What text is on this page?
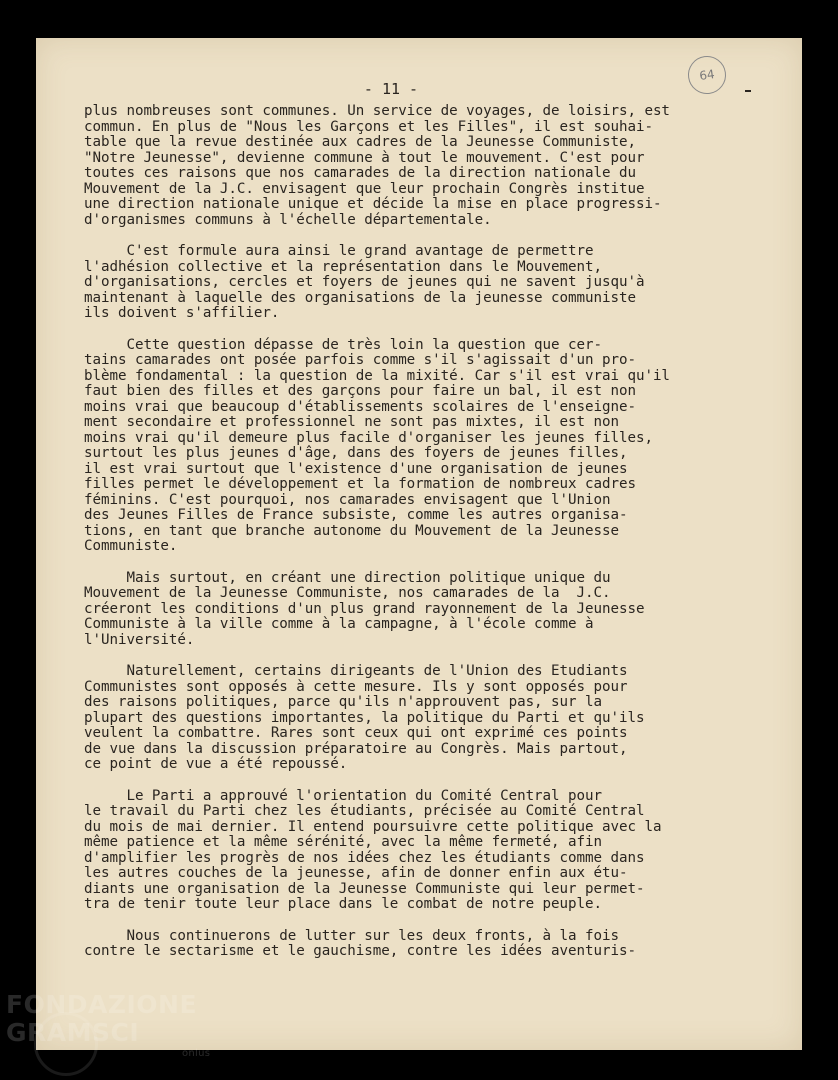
64
- 11 -
plus nombreuses sont communes. Un service de voyages, de loisirs, est
commun. En plus de "Nous les Garçons et les Filles", il est souhai-
table que la revue destinée aux cadres de la Jeunesse Communiste,
"Notre Jeunesse", devienne commune à tout le mouvement. C'est pour
toutes ces raisons que nos camarades de la direction nationale du
Mouvement de la J.C. envisagent que leur prochain Congrès institue
une direction nationale unique et décide la mise en place progressi-
d'organismes communs à l'échelle départementale.
C'est formule aura ainsi le grand avantage de permettre
l'adhésion collective et la représentation dans le Mouvement,
d'organisations, cercles et foyers de jeunes qui ne savent jusqu'à
maintenant à laquelle des organisations de la jeunesse communiste
ils doivent s'affilier.
Cette question dépasse de très loin la question que cer-
tains camarades ont posée parfois comme s'il s'agissait d'un pro-
blème fondamental : la question de la mixité. Car s'il est vrai qu'il
faut bien des filles et des garçons pour faire un bal, il est non
moins vrai que beaucoup d'établissements scolaires de l'enseigne-
ment secondaire et professionnel ne sont pas mixtes, il est non
moins vrai qu'il demeure plus facile d'organiser les jeunes filles,
surtout les plus jeunes d'âge, dans des foyers de jeunes filles,
il est vrai surtout que l'existence d'une organisation de jeunes
filles permet le développement et la formation de nombreux cadres
féminins. C'est pourquoi, nos camarades envisagent que l'Union
des Jeunes Filles de France subsiste, comme les autres organisa-
tions, en tant que branche autonome du Mouvement de la Jeunesse
Communiste.
Mais surtout, en créant une direction politique unique du
Mouvement de la Jeunesse Communiste, nos camarades de la  J.C.
créeront les conditions d'un plus grand rayonnement de la Jeunesse
Communiste à la ville comme à la campagne, à l'école comme à
l'Université.
Naturellement, certains dirigeants de l'Union des Etudiants
Communistes sont opposés à cette mesure. Ils y sont opposés pour
des raisons politiques, parce qu'ils n'approuvent pas, sur la
plupart des questions importantes, la politique du Parti et qu'ils
veulent la combattre. Rares sont ceux qui ont exprimé ces points
de vue dans la discussion préparatoire au Congrès. Mais partout,
ce point de vue a été repoussé.
Le Parti a approuvé l'orientation du Comité Central pour
le travail du Parti chez les étudiants, précisée au Comité Central
du mois de mai dernier. Il entend poursuivre cette politique avec la
même patience et la même sérénité, avec la même fermeté, afin
d'amplifier les progrès de nos idées chez les étudiants comme dans
les autres couches de la jeunesse, afin de donner enfin aux étu-
diants une organisation de la Jeunesse Communiste qui leur permet-
tra de tenir toute leur place dans le combat de notre peuple.
Nous continuerons de lutter sur les deux fronts, à la fois
contre le sectarisme et le gauchisme, contre les idées aventuris-
FONDAZIONE
GRAMSCI
onlus
